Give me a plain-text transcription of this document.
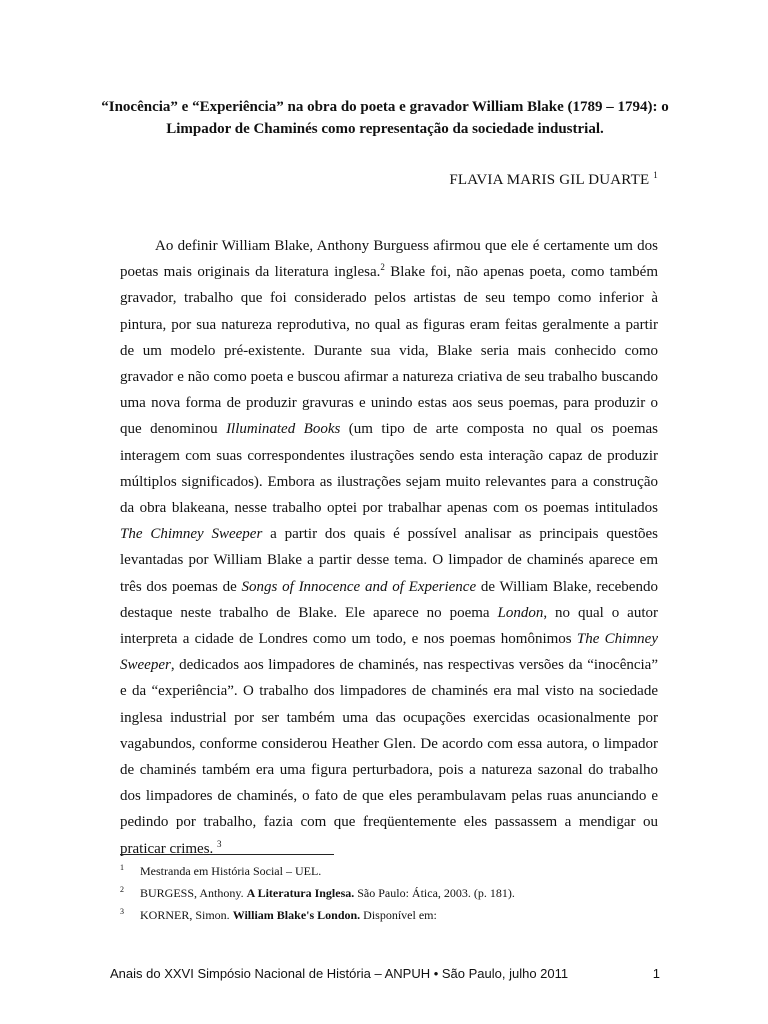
“Inocência” e “Experiência” na obra do poeta e gravador William Blake (1789 – 1794): o Limpador de Chaminés como representação da sociedade industrial.
FLAVIA MARIS GIL DUARTE $^1$

Ao definir William Blake, Anthony Burguess afirmou que ele é certamente um dos poetas mais originais da literatura inglesa.$^2$ Blake foi, não apenas poeta, como também gravador, trabalho que foi considerado pelos artistas de seu tempo como inferior à pintura, por sua natureza reprodutiva, no qual as figuras eram feitas geralmente a partir de um modelo pré-existente. Durante sua vida, Blake seria mais conhecido como gravador e não como poeta e buscou afirmar a natureza criativa de seu trabalho buscando uma nova forma de produzir gravuras e unindo estas aos seus poemas, para produzir o que denominou Illuminated Books (um tipo de arte composta no qual os poemas interagem com suas correspondentes ilustrações sendo esta interação capaz de produzir múltiplos significados). Embora as ilustrações sejam muito relevantes para a construção da obra blakeana, nesse trabalho optei por trabalhar apenas com os poemas intitulados The Chimney Sweeper a partir dos quais é possível analisar as principais questões levantadas por William Blake a partir desse tema. O limpador de chaminés aparece em três dos poemas de Songs of Innocence and of Experience de William Blake, recebendo destaque neste trabalho de Blake. Ele aparece no poema London, no qual o autor interpreta a cidade de Londres como um todo, e nos poemas homônimos The Chimney Sweeper, dedicados aos limpadores de chaminés, nas respectivas versões da “inocência” e da “experiência”. O trabalho dos limpadores de chaminés era mal visto na sociedade inglesa industrial por ser também uma das ocupações exercidas ocasionalmente por vagabundos, conforme considerou Heather Glen. De acordo com essa autora, o limpador de chaminés também era uma figura perturbadora, pois a natureza sazonal do trabalho dos limpadores de chaminés, o fato de que eles perambulavam pelas ruas anunciando e pedindo por trabalho, fazia com que freqüentemente eles passassem a mendigar ou praticar crimes. $^3$

1 Mestranda em História Social – UEL.
2 BURGESS, Anthony. A Literatura Inglesa. São Paulo: Ática, 2003. (p. 181).
3 KORNER, Simon. William Blake's London. Disponível em:
Anais do XXVI Simpósio Nacional de História – ANPUH • São Paulo, julho 2011	1
